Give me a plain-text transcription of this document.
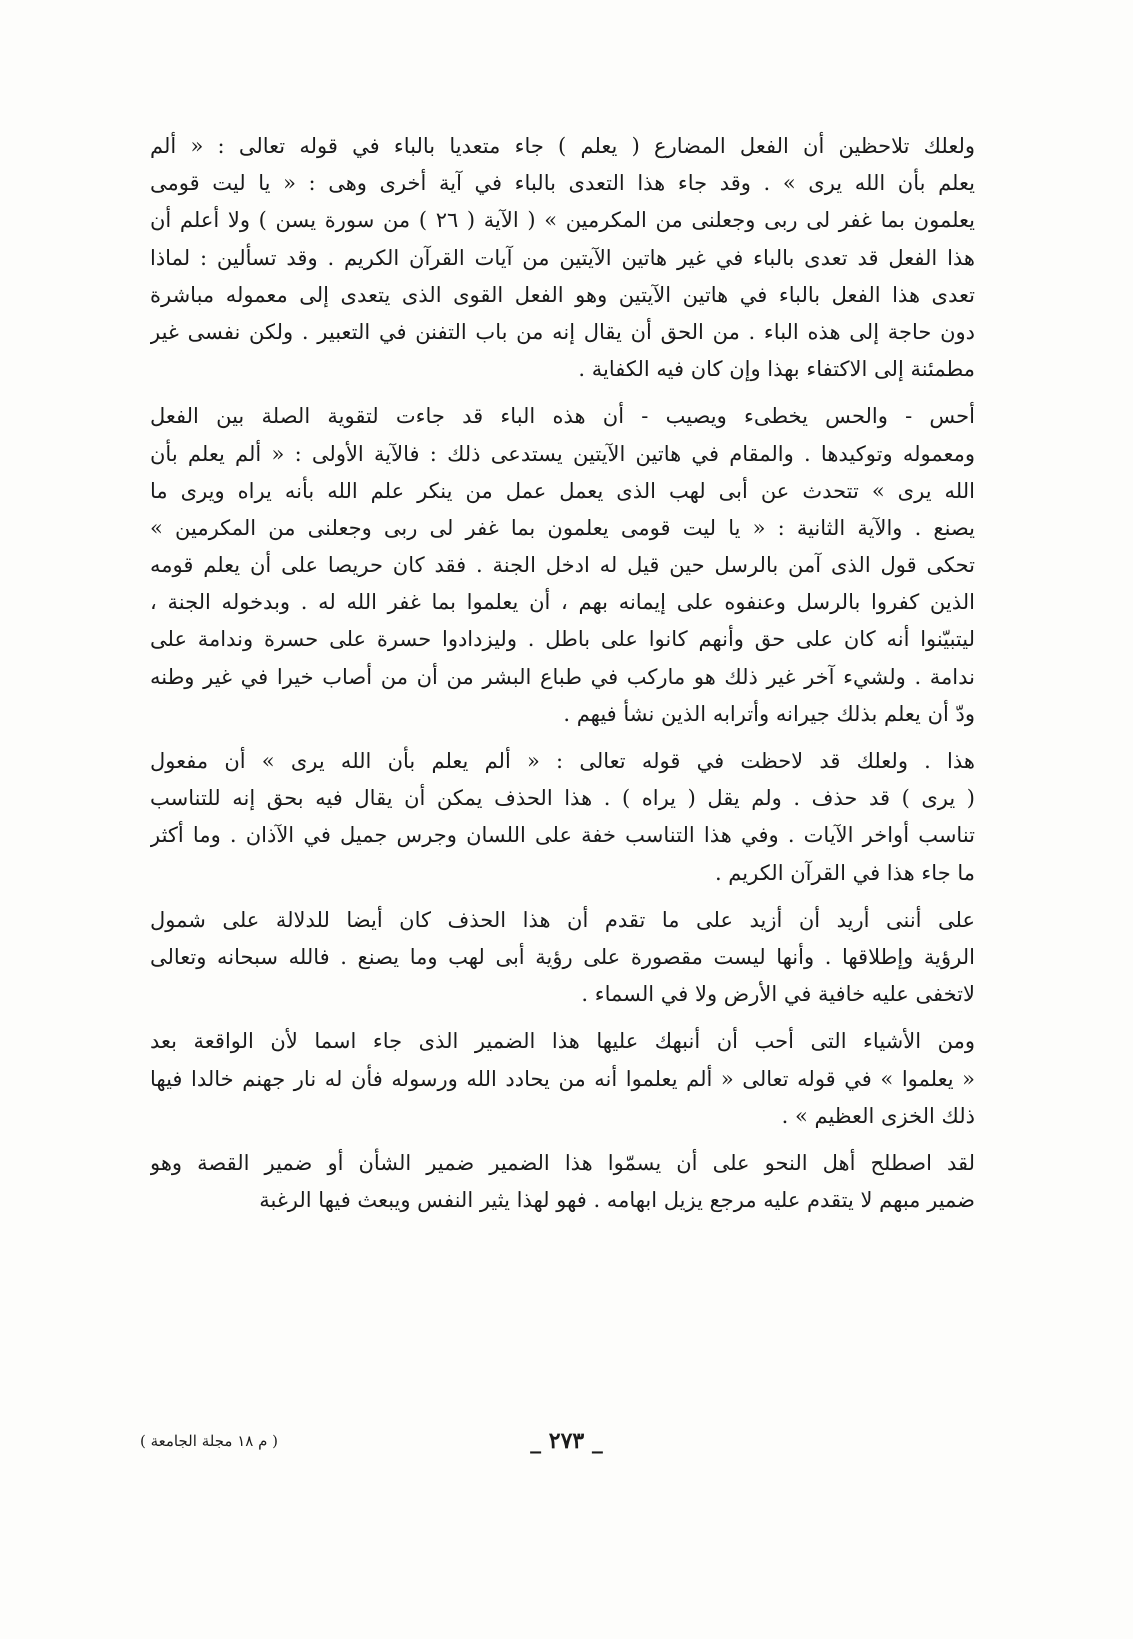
ولعلك تلاحظين أن الفعل المضارع ( يعلم ) جاء متعديا بالباء في قوله تعالى : « ألم
يعلم بأن الله يرى » . وقد جاء هذا التعدى بالباء في آية أخرى وهى : « يا ليت قومى
يعلمون بما غفر لى ربى وجعلنى من المكرمين » ( الآية ( ٢٦ ) من سورة يسن ) ولا أعلم أن
هذا الفعل قد تعدى بالباء في غير هاتين الآيتين من آيات القرآن الكريم . وقد تسألين : لماذا
تعدى هذا الفعل بالباء في هاتين الآيتين وهو الفعل القوى الذى يتعدى إلى معموله مباشرة
دون حاجة إلى هذه الباء . من الحق أن يقال إنه من باب التفنن في التعبير . ولكن نفسى غير
مطمئنة إلى الاكتفاء بهذا وإن كان فيه الكفاية .
أحس - والحس يخطىء ويصيب - أن هذه الباء قد جاءت لتقوية الصلة بين الفعل
ومعموله وتوكيدها . والمقام في هاتين الآيتين يستدعى ذلك : فالآية الأولى : « ألم يعلم بأن
الله يرى » تتحدث عن أبى لهب الذى يعمل عمل من ينكر علم الله بأنه يراه ويرى ما
يصنع . والآية الثانية : « يا ليت قومى يعلمون بما غفر لى ربى وجعلنى من المكرمين »
تحكى قول الذى آمن بالرسل حين قيل له ادخل الجنة . فقد كان حريصا على أن يعلم قومه
الذين كفروا بالرسل وعنفوه على إيمانه بهم ، أن يعلموا بما غفر الله له . وبدخوله الجنة ،
ليتبيّنوا أنه كان على حق وأنهم كانوا على باطل . وليزدادوا حسرة على حسرة وندامة على
ندامة . ولشيء آخر غير ذلك هو ماركب في طباع البشر من أن من أصاب خيرا في غير وطنه
ودّ أن يعلم بذلك جيرانه وأترابه الذين نشأ فيهم .
هذا . ولعلك قد لاحظت في قوله تعالى : « ألم يعلم بأن الله يرى » أن مفعول
( يرى ) قد حذف . ولم يقل ( يراه ) . هذا الحذف يمكن أن يقال فيه بحق إنه للتناسب
تناسب أواخر الآيات . وفي هذا التناسب خفة على اللسان وجرس جميل في الآذان . وما أكثر
ما جاء هذا في القرآن الكريم .
على أننى أريد أن أزيد على ما تقدم أن هذا الحذف كان أيضا للدلالة على شمول
الرؤية وإطلاقها . وأنها ليست مقصورة على رؤية أبى لهب وما يصنع . فالله سبحانه وتعالى
لاتخفى عليه خافية في الأرض ولا في السماء .
ومن الأشياء التى أحب أن أنبهك عليها هذا الضمير الذى جاء اسما لأن الواقعة بعد
« يعلموا » في قوله تعالى « ألم يعلموا أنه من يحادد الله ورسوله فأن له نار جهنم خالدا فيها
ذلك الخزى العظيم » .
لقد اصطلح أهل النحو على أن يسمّوا هذا الضمير ضمير الشأن أو ضمير القصة وهو
ضمير مبهم لا يتقدم عليه مرجع يزيل ابهامه . فهو لهذا يثير النفس ويبعث فيها الرغبة
_ ٢٧٣ _
( م ١٨ مجلة الجامعة )
